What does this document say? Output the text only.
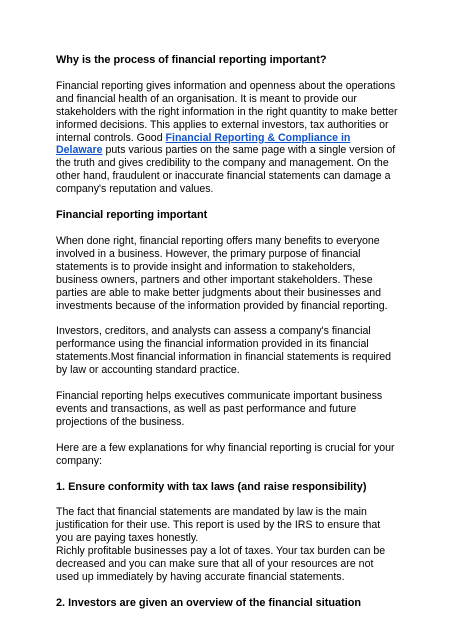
Why is the process of financial reporting important?

Financial reporting gives information and openness about the operations
and financial health of an organisation. It is meant to provide our
stakeholders with the right information in the right quantity to make better
informed decisions. This applies to external investors, tax authorities or
internal controls. Good Financial Reporting & Compliance in
Delaware puts various parties on the same page with a single version of
the truth and gives credibility to the company and management. On the
other hand, fraudulent or inaccurate financial statements can damage a
company's reputation and values.

Financial reporting important

When done right, financial reporting offers many benefits to everyone
involved in a business. However, the primary purpose of financial
statements is to provide insight and information to stakeholders,
business owners, partners and other important stakeholders. These
parties are able to make better judgments about their businesses and
investments because of the information provided by financial reporting.
Investors, creditors, and analysts can assess a company's financial
performance using the financial information provided in its financial
statements.Most financial information in financial statements is required
by law or accounting standard practice.
Financial reporting helps executives communicate important business
events and transactions, as well as past performance and future
projections of the business.
Here are a few explanations for why financial reporting is crucial for your
company:

1. Ensure conformity with tax laws (and raise responsibility)

The fact that financial statements are mandated by law is the main
justification for their use. This report is used by the IRS to ensure that
you are paying taxes honestly.
Richly profitable businesses pay a lot of taxes. Your tax burden can be
decreased and you can make sure that all of your resources are not
used up immediately by having accurate financial statements.

2. Investors are given an overview of the financial situation
